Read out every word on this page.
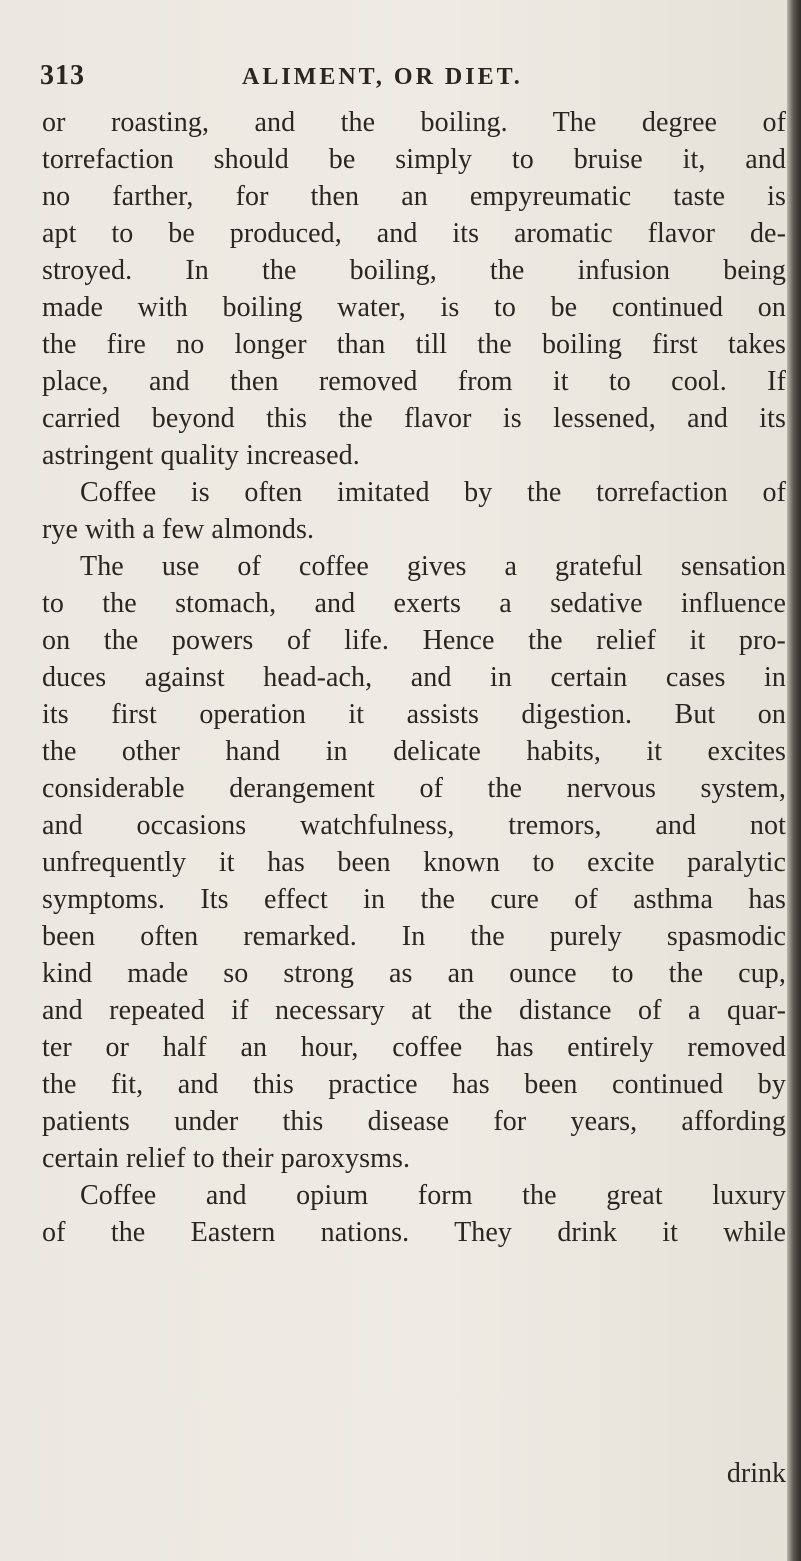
313	ALIMENT, OR DIET.
or roasting, and the boiling. The degree of
torrefaction should be simply to bruise it, and
no farther, for then an empyreumatic taste is
apt to be produced, and its aromatic flavor de-
stroyed. In the boiling, the infusion being
made with boiling water, is to be continued on
the fire no longer than till the boiling first takes
place, and then removed from it to cool. If
carried beyond this the flavor is lessened, and its
astringent quality increased.
Coffee is often imitated by the torrefaction of
rye with a few almonds.
The use of coffee gives a grateful sensation
to the stomach, and exerts a sedative influence
on the powers of life. Hence the relief it pro-
duces against head-ach, and in certain cases in
its first operation it assists digestion. But on
the other hand in delicate habits, it excites
considerable derangement of the nervous system,
and occasions watchfulness, tremors, and not
unfrequently it has been known to excite paralytic
symptoms. Its effect in the cure of asthma has
been often remarked. In the purely spasmodic
kind made so strong as an ounce to the cup,
and repeated if necessary at the distance of a quar-
ter or half an hour, coffee has entirely removed
the fit, and this practice has been continued by
patients under this disease for years, affording
certain relief to their paroxysms.
Coffee and opium form the great luxury
of the Eastern nations. They drink it while
drink
